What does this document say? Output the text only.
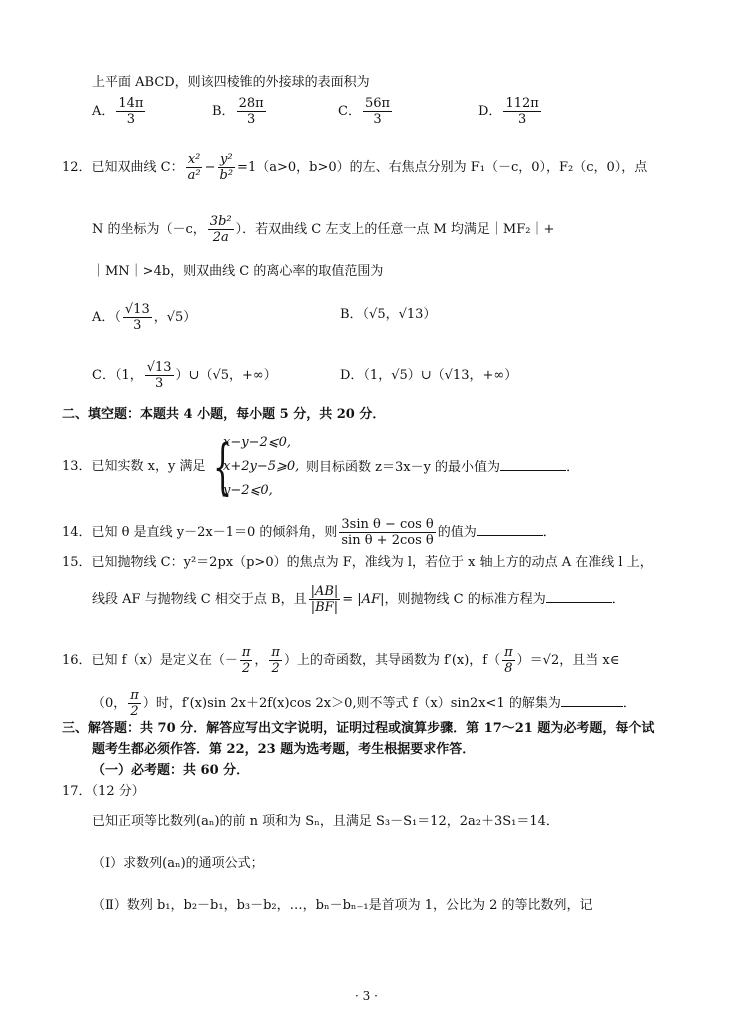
上平面 ABCD，则该四棱锥的外接球的表面积为
A． $\frac{14\pi}{3}$	B． $\frac{28\pi}{3}$	C． $\frac{56\pi}{3}$	D． $\frac{112\pi}{3}$
12．已知双曲线 C： $\frac{\text{x²}}{\text{a²}} - \frac{\text{y²}}{\text{b²}} =1(a>0$，b>0）的左、右焦点分别为 F₁（－c，0），F₂（c，0），点
N 的坐标为（－c， $\frac{\text{3b²}}{2a}$ ）．若双曲线 C 左支上的任意一点 M 均满足｜MF₂｜+
｜MN｜>4b，则双曲线 C 的离心率的取值范围为
A．（ $\frac{√13}{3}$ ，√5）	B．（√5，√13）
C．（1， $\frac{√13}{3}$ ）∪（√5，+∞）	D．（1，√5）∪（√13，+∞）
二、填空题：本题共 4 小题，每小题 5 分，共 20 分．
13．已知实数 x，y 满足 {
x−y−2⩽0,
x+2y−5⩾0,
y−2⩽0,
则目标函数 z＝3x－y 的最小值为	．
14．已知 θ 是直线 y－2x－1＝0 的倾斜角，则 $\frac{\text{3sin θ − cos θ}}{\text{sin θ + 2cos θ}}$ 的值为	．
15．已知抛物线 C：y²＝2px（p>0）的焦点为 F，准线为 l，若位于 x 轴上方的动点 A 在准线 l 上，
线段 AF 与抛物线 C 相交于点 B，且 $\frac{|AB|}{|BF|} = |AF|$，则抛物线 C 的标准方程为	．
16．已知 f（x）是定义在（－ $\frac{\pi}{2}$ ， $\frac{\pi}{2}$ ）上的奇函数，其导函数为 f′(x)，$f( \frac{\pi}{8} )=√2$，且当 x∈
（0， $\frac{\pi}{2}$ ）时，f′(x)sin 2x＋2f(x)cos 2x＞0,则不等式 f（x）sin2x<1 的解集为	．
三、解答题：共 70 分．解答应写出文字说明，证明过程或演算步骤．第 17～21 题为必考题，每个试
题考生都必须作答．第 22，23 题为选考题，考生根据要求作答．
（一）必考题：共 60 分．
17．（12 分）
已知正项等比数列(aₙ)的前 n 项和为 Sₙ，且满足 S₃－S₁＝12，2a₂＋3S₁＝14．
（Ⅰ）求数列(aₙ)的通项公式；
（Ⅱ）数列 b₁，b₂－b₁，b₃－b₂，…，bₙ－bₙ₋₁是首项为 1，公比为 2 的等比数列，记
· 3 ·
